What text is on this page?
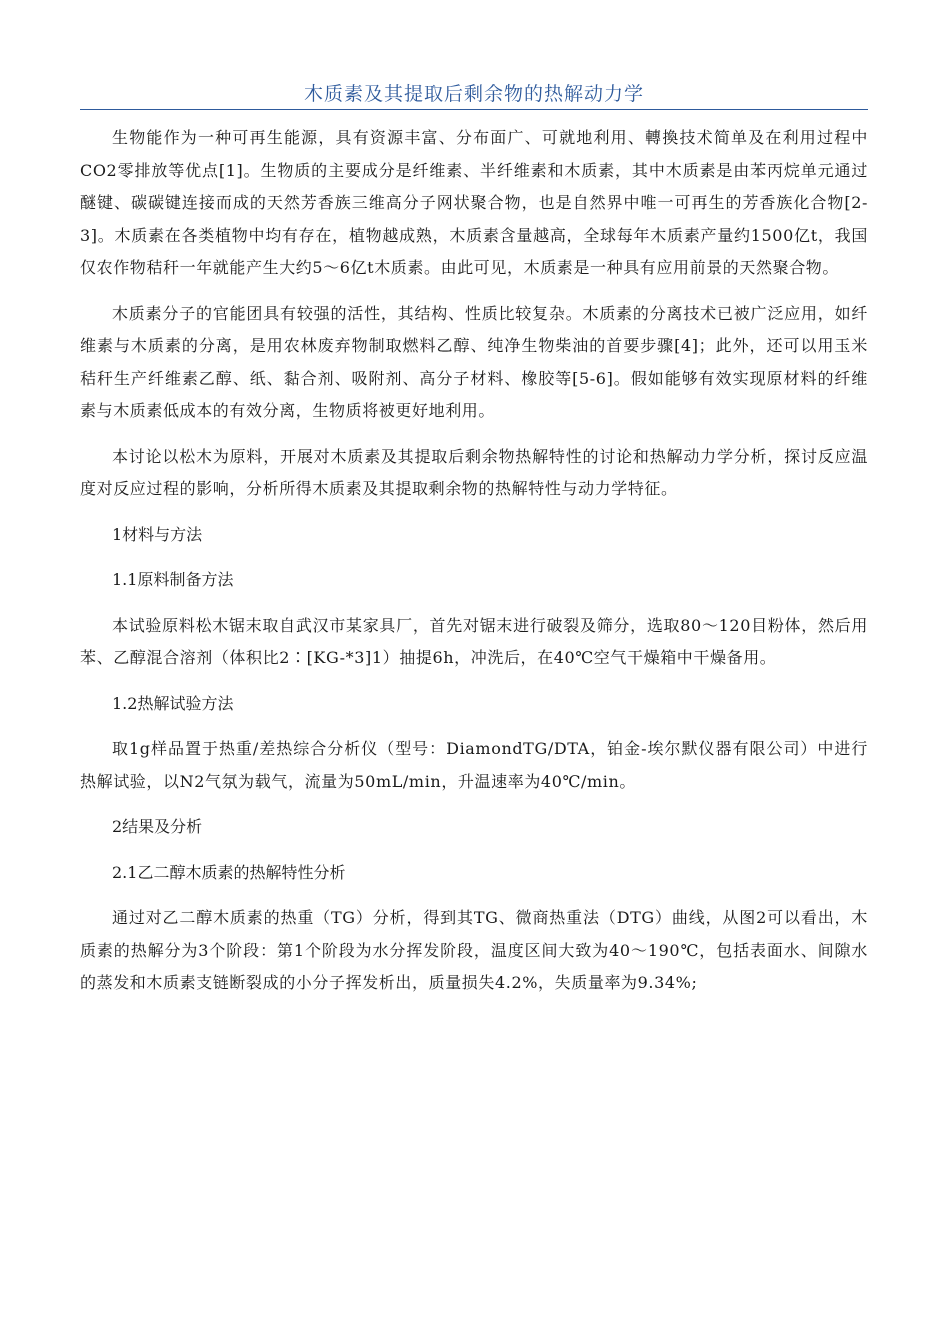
木质素及其提取后剩余物的热解动力学

生物能作为一种可再生能源，具有资源丰富、分布面广、可就地利用、轉換技术简单及在利用过程中CO2零排放等优点[1]。生物质的主要成分是纤维素、半纤维素和木质素，其中木质素是由苯丙烷单元通过醚键、碳碳键连接而成的天然芳香族三维高分子网状聚合物，也是自然界中唯一可再生的芳香族化合物[2-3]。木质素在各类植物中均有存在，植物越成熟，木质素含量越高，全球每年木质素产量约1500亿t，我国仅农作物秸秆一年就能产生大约5～6亿t木质素。由此可见，木质素是一种具有应用前景的天然聚合物。

木质素分子的官能团具有较强的活性，其结构、性质比较复杂。木质素的分离技术已被广泛应用，如纤维素与木质素的分离，是用农林废弃物制取燃料乙醇、纯净生物柴油的首要步骤[4]；此外，还可以用玉米秸秆生产纤维素乙醇、纸、黏合剂、吸附剂、高分子材料、橡胶等[5-6]。假如能够有效实现原材料的纤维素与木质素低成本的有效分离，生物质将被更好地利用。

本讨论以松木为原料，开展对木质素及其提取后剩余物热解特性的讨论和热解动力学分析，探讨反应温度对反应过程的影响，分析所得木质素及其提取剩余物的热解特性与动力学特征。

1材料与方法

1.1原料制备方法

本试验原料松木锯末取自武汉市某家具厂，首先对锯末进行破裂及筛分，选取80～120目粉体，然后用苯、乙醇混合溶剂（体积比2∶[KG-*3]1）抽提6h，冲洗后，在40℃空气干燥箱中干燥备用。

1.2热解试验方法

取1g样品置于热重/差热综合分析仪（型号：DiamondTG/DTA，铂金-埃尔默仪器有限公司）中进行热解试验，以N2气氛为载气，流量为50mL/min，升温速率为40℃/min。

2结果及分析

2.1乙二醇木质素的热解特性分析

通过对乙二醇木质素的热重（TG）分析，得到其TG、微商热重法（DTG）曲线，从图2可以看出，木质素的热解分为3个阶段：第1个阶段为水分挥发阶段，温度区间大致为40～190℃，包括表面水、间隙水的蒸发和木质素支链断裂成的小分子挥发析出，质量损失4.2%，失质量率为9.34%;
